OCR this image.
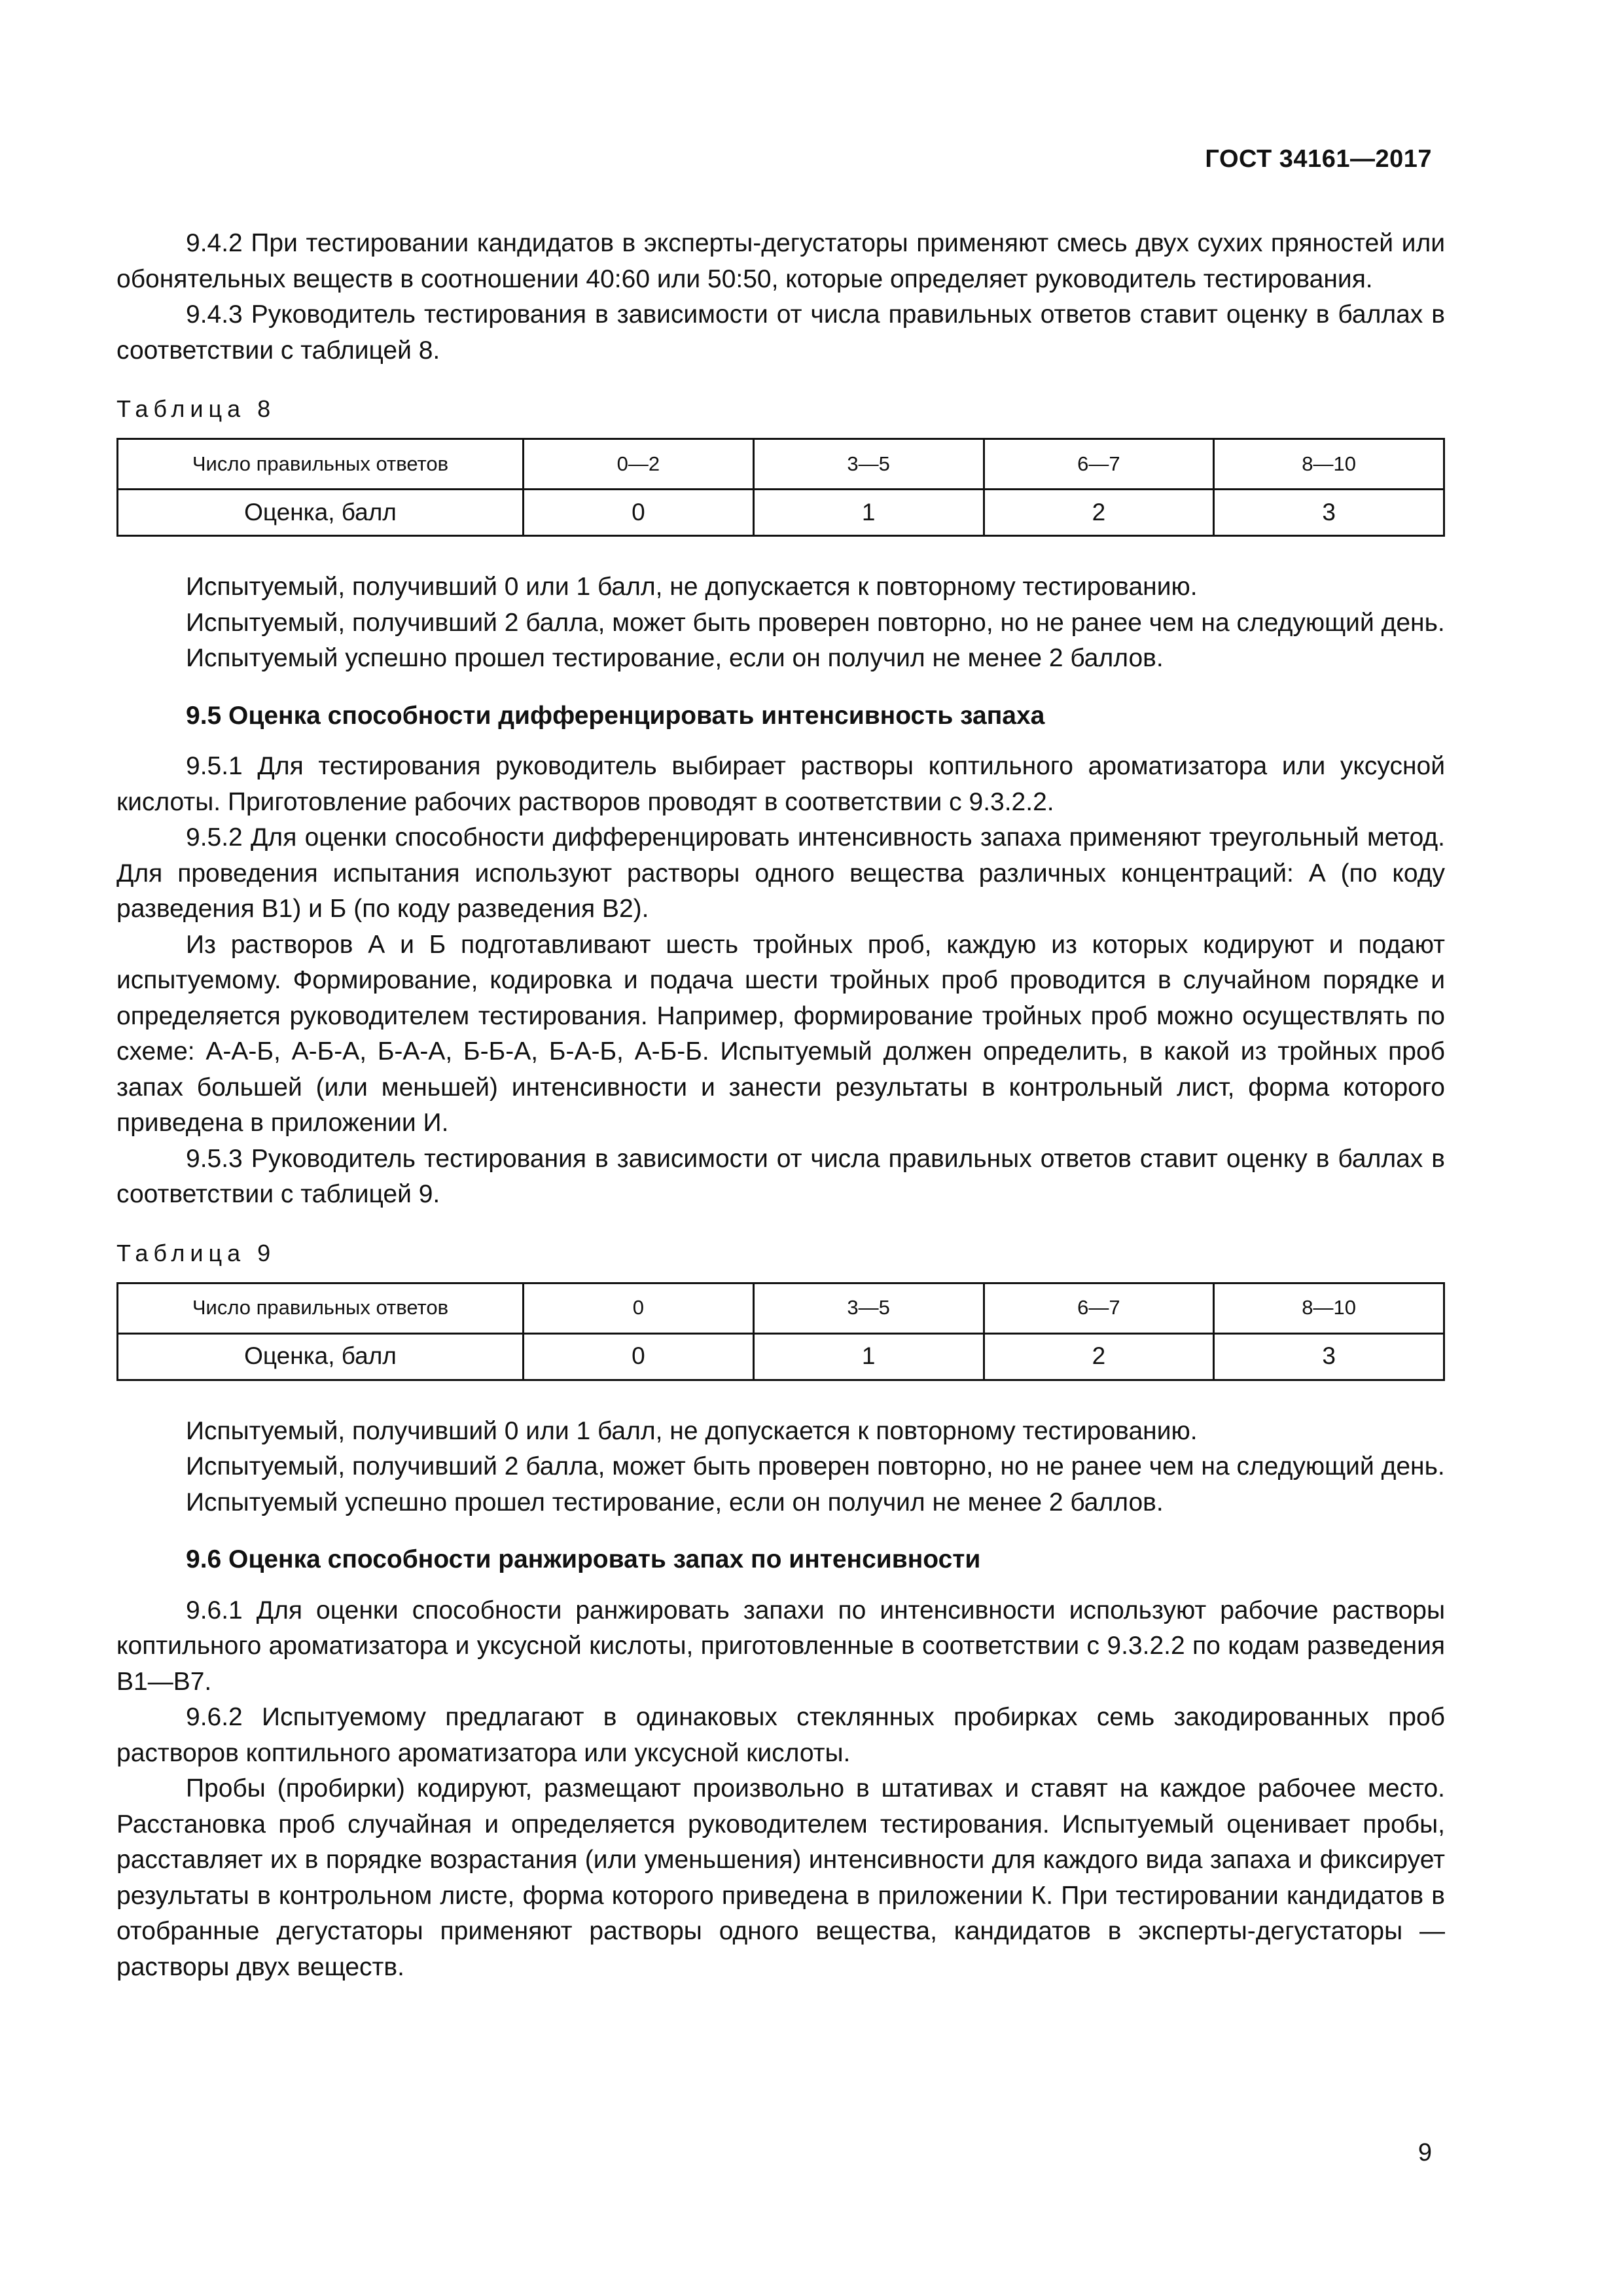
ГОСТ 34161—2017

9.4.2 При тестировании кандидатов в эксперты-дегустаторы применяют смесь двух сухих пряностей или обонятельных веществ в соотношении 40:60 или 50:50, которые определяет руководитель тестирования.

9.4.3 Руководитель тестирования в зависимости от числа правильных ответов ставит оценку в баллах в соответствии с таблицей 8.

Таблица 8
Число правильных ответов	0—2	3—5	6—7	8—10
Оценка, балл	0	1	2	3

Испытуемый, получивший 0 или 1 балл, не допускается к повторному тестированию.

Испытуемый, получивший 2 балла, может быть проверен повторно, но не ранее чем на следующий день.

Испытуемый успешно прошел тестирование, если он получил не менее 2 баллов.

9.5 Оценка способности дифференцировать интенсивность запаха

9.5.1 Для тестирования руководитель выбирает растворы коптильного ароматизатора или уксусной кислоты. Приготовление рабочих растворов проводят в соответствии с 9.3.2.2.

9.5.2 Для оценки способности дифференцировать интенсивность запаха применяют треугольный метод. Для проведения испытания используют растворы одного вещества различных концентраций: А (по коду разведения В1) и Б (по коду разведения В2).

Из растворов А и Б подготавливают шесть тройных проб, каждую из которых кодируют и подают испытуемому. Формирование, кодировка и подача шести тройных проб проводится в случайном порядке и определяется руководителем тестирования. Например, формирование тройных проб можно осуществлять по схеме: А-А-Б, А-Б-А, Б-А-А, Б-Б-А, Б-А-Б, А-Б-Б. Испытуемый должен определить, в какой из тройных проб запах большей (или меньшей) интенсивности и занести результаты в контрольный лист, форма которого приведена в приложении И.

9.5.3 Руководитель тестирования в зависимости от числа правильных ответов ставит оценку в баллах в соответствии с таблицей 9.

Таблица 9
Число правильных ответов	0	3—5	6—7	8—10
Оценка, балл	0	1	2	3

Испытуемый, получивший 0 или 1 балл, не допускается к повторному тестированию.

Испытуемый, получивший 2 балла, может быть проверен повторно, но не ранее чем на следующий день.

Испытуемый успешно прошел тестирование, если он получил не менее 2 баллов.

9.6 Оценка способности ранжировать запах по интенсивности

9.6.1 Для оценки способности ранжировать запахи по интенсивности используют рабочие растворы коптильного ароматизатора и уксусной кислоты, приготовленные в соответствии с 9.3.2.2 по кодам разведения В1—В7.

9.6.2 Испытуемому предлагают в одинаковых стеклянных пробирках семь закодированных проб растворов коптильного ароматизатора или уксусной кислоты.

Пробы (пробирки) кодируют, размещают произвольно в штативах и ставят на каждое рабочее место. Расстановка проб случайная и определяется руководителем тестирования. Испытуемый оценивает пробы, расставляет их в порядке возрастания (или уменьшения) интенсивности для каждого вида запаха и фиксирует результаты в контрольном листе, форма которого приведена в приложении К. При тестировании кандидатов в отобранные дегустаторы применяют растворы одного вещества, кандидатов в эксперты-дегустаторы — растворы двух веществ.

9
